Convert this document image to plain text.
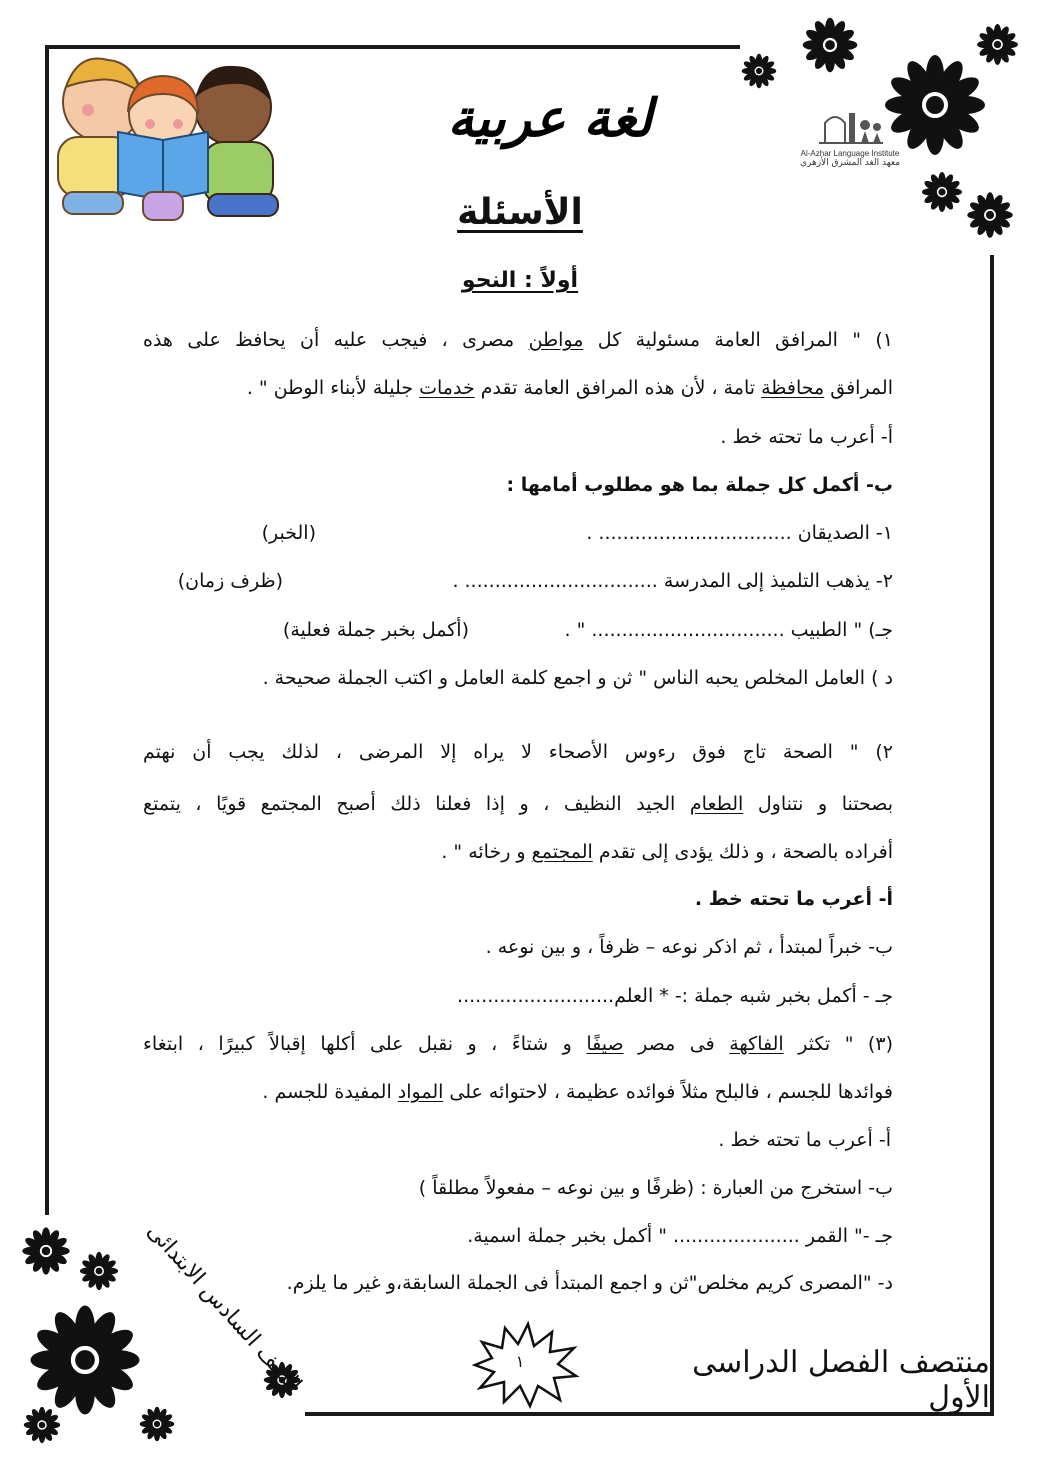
لغة عربية
Al-Azhar Language Institute
معهد الغد المشرق الأزهري
الأسئلة
أولاً : النحو
١) " المرافق العامة مسئولية كل مواطن مصرى ، فيجب عليه أن يحافظ على هذه
المرافق محافظة تامة ، لأن هذه المرافق العامة تقدم خدمات جليلة لأبناء الوطن " .
أ- أعرب ما تحته خط .
ب- أكمل كل جملة بما هو مطلوب أمامها :
١- الصديقان ................................ .
(الخبر)
٢- يذهب التلميذ إلى المدرسة ................................ .
(ظرف زمان)
جـ) " الطبيب ................................ " .
(أكمل بخبر جملة فعلية)
د ) العامل المخلص يحبه الناس " ثن و اجمع كلمة العامل و اكتب الجملة صحيحة .
٢) " الصحة تاج فوق رءوس الأصحاء لا يراه إلا المرضى ، لذلك يجب أن نهتم
بصحتنا و نتناول الطعام الجيد النظيف ، و إذا فعلنا ذلك أصبح المجتمع قويًا ، يتمتع
أفراده بالصحة ، و ذلك يؤدى إلى تقدم المجتمع و رخائه " .
أ- أعرب ما تحته خط .
ب- خبراً لمبتدأ ، ثم اذكر نوعه – ظرفاً ، و بين نوعه .
جـ - أكمل بخبر شبه جملة :- * العلم..........................
(٣) " تكثر الفاكهة فى مصر صيفًا و شتاءً ، و نقبل على أكلها إقبالاً كبيرًا ، ابتغاء
فوائدها للجسم ، فالبلح مثلاً فوائده عظيمة ، لاحتوائه على المواد المفيدة للجسم .
أ- أعرب ما تحته خط .
ب- استخرج من العبارة : (ظرفًا و بين نوعه – مفعولاً مطلقاً )
جـ -" القمر ..................... " أكمل بخبر جملة اسمية.
د- "المصرى كريم مخلص"ثن و اجمع المبتدأ فى الجملة السابقة،و غير ما يلزم.
الصف السادس الابتدائى	١	منتصف الفصل الدراسى الأول
